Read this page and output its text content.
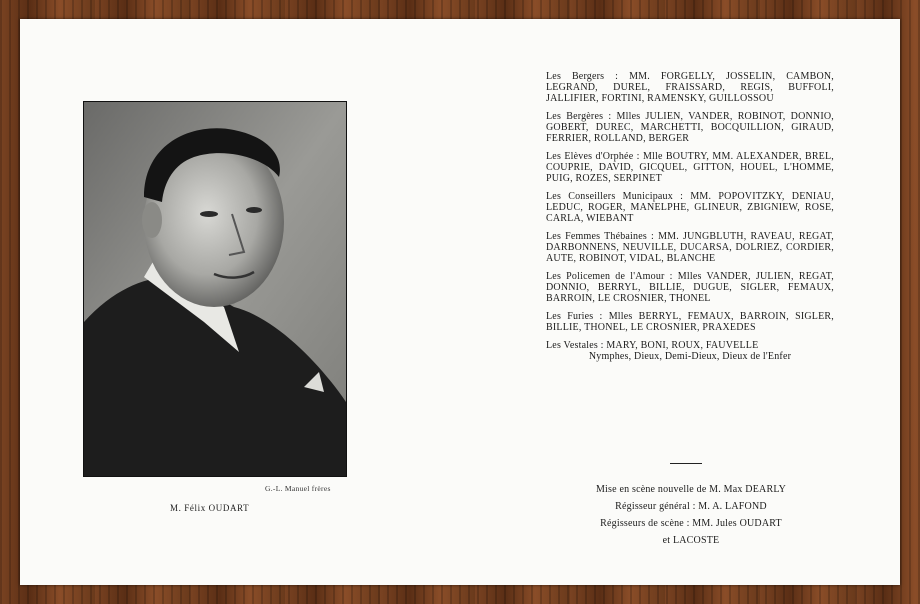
G.-L. Manuel frères
M. Félix OUDART
Les Bergers : MM. FORGELLY, JOSSELIN, CAMBON, LEGRAND, DUREL, FRAISSARD, REGIS, BUFFOLI, JALLIFIER, FORTINI, RAMENSKY, GUILLOSSOU
Les Bergères : Mlles JULIEN, VANDER, ROBINOT, DONNIO, GOBERT, DUREC, MARCHETTI, BOCQUILLION, GIRAUD, FERRIER, ROLLAND, BERGER
Les Elèves d'Orphée : Mlle BOUTRY, MM. ALEXANDER, BREL, COUPRIE, DAVID, GICQUEL, GITTON, HOUEL, L'HOMME, PUIG, ROZES, SERPINET
Les Conseillers Municipaux : MM. POPOVITZKY, DENIAU, LEDUC, ROGER, MANELPHE, GLINEUR, ZBIGNIEW, ROSE, CARLA, WIEBANT
Les Femmes Thébaines : MM. JUNGBLUTH, RAVEAU, REGAT, DARBONNENS, NEUVILLE, DUCARSA, DOLRIEZ, CORDIER, AUTE, ROBINOT, VIDAL, BLANCHE
Les Policemen de l'Amour : Mlles VANDER, JULIEN, REGAT, DONNIO, BERRYL, BILLIE, DUGUE, SIGLER, FEMAUX, BARROIN, LE CROSNIER, THONEL
Les Furies : Mlles BERRYL, FEMAUX, BARROIN, SIGLER, BILLIE, THONEL, LE CROSNIER, PRAXEDES
Les Vestales : MARY, BONI, ROUX, FAUVELLE
Nymphes, Dieux, Demi-Dieux, Dieux de l'Enfer
Mise en scène nouvelle de M. Max DEARLY
Régisseur général : M. A. LAFOND
Régisseurs de scène : MM. Jules OUDART
et LACOSTE
